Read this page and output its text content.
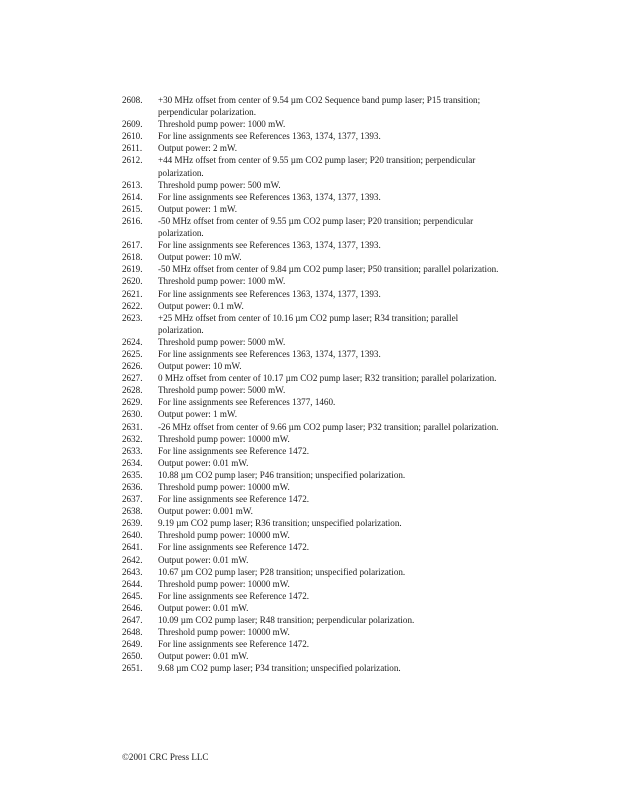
2608.	+30 MHz offset from center of 9.54 µm CO2 Sequence band pump laser; P15 transition; perpendicular polarization.
2609.	Threshold pump power: 1000 mW.
2610.	For line assignments see References 1363, 1374, 1377, 1393.
2611.	Output power: 2 mW.
2612.	+44 MHz offset from center of 9.55 µm CO2 pump laser; P20 transition; perpendicular polarization.
2613.	Threshold pump power: 500 mW.
2614.	For line assignments see References 1363, 1374, 1377, 1393.
2615.	Output power: 1 mW.
2616.	-50 MHz offset from center of 9.55 µm CO2 pump laser; P20 transition; perpendicular polarization.
2617.	For line assignments see References 1363, 1374, 1377, 1393.
2618.	Output power: 10 mW.
2619.	-50 MHz offset from center of 9.84 µm CO2 pump laser; P50 transition; parallel polarization.
2620.	Threshold pump power: 1000 mW.
2621.	For line assignments see References 1363, 1374, 1377, 1393.
2622.	Output power: 0.1 mW.
2623.	+25 MHz offset from center of 10.16 µm CO2 pump laser; R34 transition; parallel polarization.
2624.	Threshold pump power: 5000 mW.
2625.	For line assignments see References 1363, 1374, 1377, 1393.
2626.	Output power: 10 mW.
2627.	0 MHz offset from center of 10.17 µm CO2 pump laser; R32 transition; parallel polarization.
2628.	Threshold pump power: 5000 mW.
2629.	For line assignments see References 1377, 1460.
2630.	Output power: 1 mW.
2631.	-26 MHz offset from center of 9.66 µm CO2 pump laser; P32 transition; parallel polarization.
2632.	Threshold pump power: 10000 mW.
2633.	For line assignments see Reference 1472.
2634.	Output power: 0.01 mW.
2635.	10.88 µm CO2 pump laser; P46 transition; unspecified polarization.
2636.	Threshold pump power: 10000 mW.
2637.	For line assignments see Reference 1472.
2638.	Output power: 0.001 mW.
2639.	9.19 µm CO2 pump laser; R36 transition; unspecified polarization.
2640.	Threshold pump power: 10000 mW.
2641.	For line assignments see Reference 1472.
2642.	Output power: 0.01 mW.
2643.	10.67 µm CO2 pump laser; P28 transition; unspecified polarization.
2644.	Threshold pump power: 10000 mW.
2645.	For line assignments see Reference 1472.
2646.	Output power: 0.01 mW.
2647.	10.09 µm CO2 pump laser; R48 transition; perpendicular polarization.
2648.	Threshold pump power: 10000 mW.
2649.	For line assignments see Reference 1472.
2650.	Output power: 0.01 mW.
2651.	9.68 µm CO2 pump laser; P34 transition; unspecified polarization.
©2001 CRC Press LLC
